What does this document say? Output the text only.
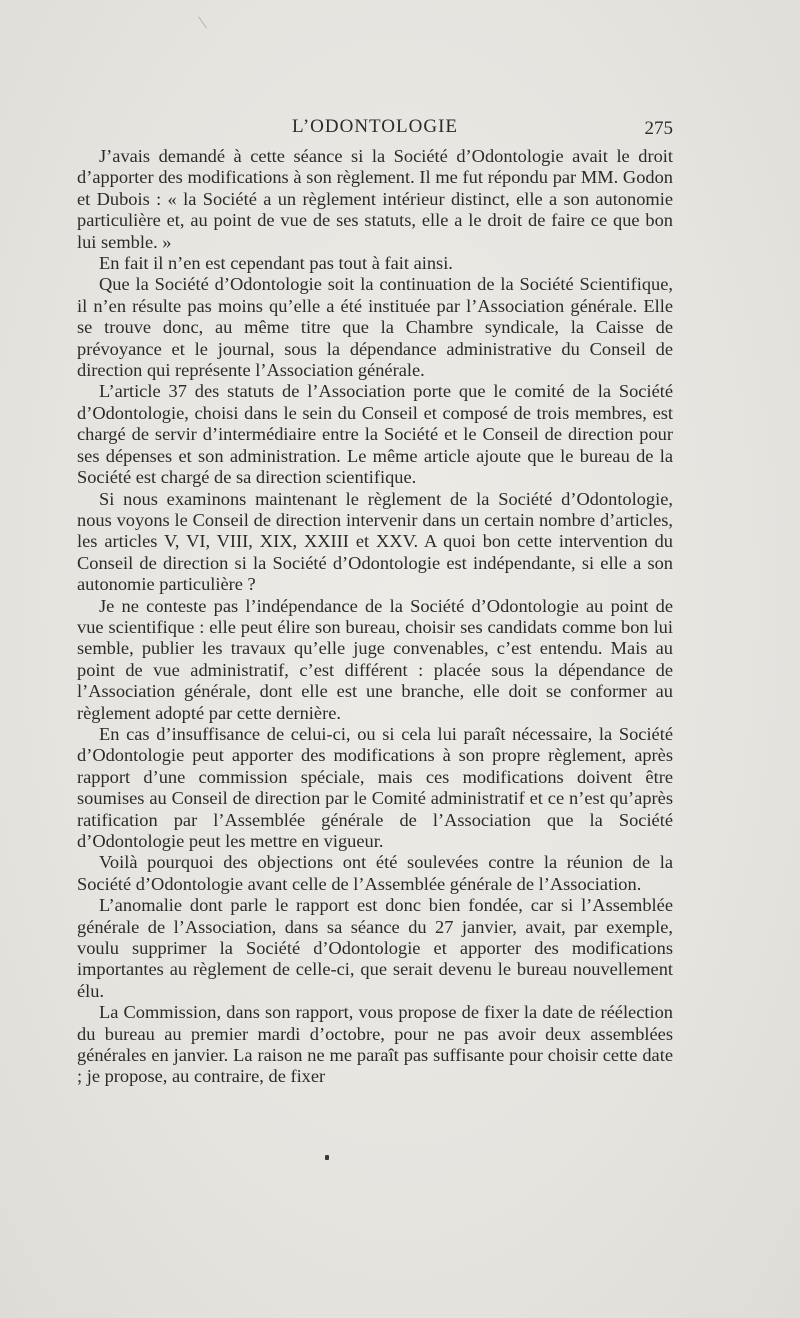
L’ODONTOLOGIE	275

J’avais demandé à cette séance si la Société d’Odontologie avait le droit d’apporter des modifications à son règlement. Il me fut répondu par MM. Godon et Dubois : « la Société a un règlement intérieur distinct, elle a son autonomie particulière et, au point de vue de ses statuts, elle a le droit de faire ce que bon lui semble. »

En fait il n’en est cependant pas tout à fait ainsi.

Que la Société d’Odontologie soit la continuation de la Société Scientifique, il n’en résulte pas moins qu’elle a été instituée par l’Association générale. Elle se trouve donc, au même titre que la Chambre syndicale, la Caisse de prévoyance et le journal, sous la dépendance administrative du Conseil de direction qui représente l’Association générale.

L’article 37 des statuts de l’Association porte que le comité de la Société d’Odontologie, choisi dans le sein du Conseil et composé de trois membres, est chargé de servir d’intermédiaire entre la Société et le Conseil de direction pour ses dépenses et son administration. Le même article ajoute que le bureau de la Société est chargé de sa direction scientifique.

Si nous examinons maintenant le règlement de la Société d’Odontologie, nous voyons le Conseil de direction intervenir dans un certain nombre d’articles, les articles V, VI, VIII, XIX, XXIII et XXV. A quoi bon cette intervention du Conseil de direction si la Société d’Odontologie est indépendante, si elle a son autonomie particulière ?

Je ne conteste pas l’indépendance de la Société d’Odontologie au point de vue scientifique : elle peut élire son bureau, choisir ses candidats comme bon lui semble, publier les travaux qu’elle juge convenables, c’est entendu. Mais au point de vue administratif, c’est différent : placée sous la dépendance de l’Association générale, dont elle est une branche, elle doit se conformer au règlement adopté par cette dernière.

En cas d’insuffisance de celui-ci, ou si cela lui paraît nécessaire, la Société d’Odontologie peut apporter des modifications à son propre règlement, après rapport d’une commission spéciale, mais ces modifications doivent être soumises au Conseil de direction par le Comité administratif et ce n’est qu’après ratification par l’Assemblée générale de l’Association que la Société d’Odontologie peut les mettre en vigueur.

Voilà pourquoi des objections ont été soulevées contre la réunion de la Société d’Odontologie avant celle de l’Assemblée générale de l’Association.

L’anomalie dont parle le rapport est donc bien fondée, car si l’Assemblée générale de l’Association, dans sa séance du 27 janvier, avait, par exemple, voulu supprimer la Société d’Odontologie et apporter des modifications importantes au règlement de celle-ci, que serait devenu le bureau nouvellement élu.

La Commission, dans son rapport, vous propose de fixer la date de réélection du bureau au premier mardi d’octobre, pour ne pas avoir deux assemblées générales en janvier. La raison ne me paraît pas suffisante pour choisir cette date ; je propose, au contraire, de fixer
